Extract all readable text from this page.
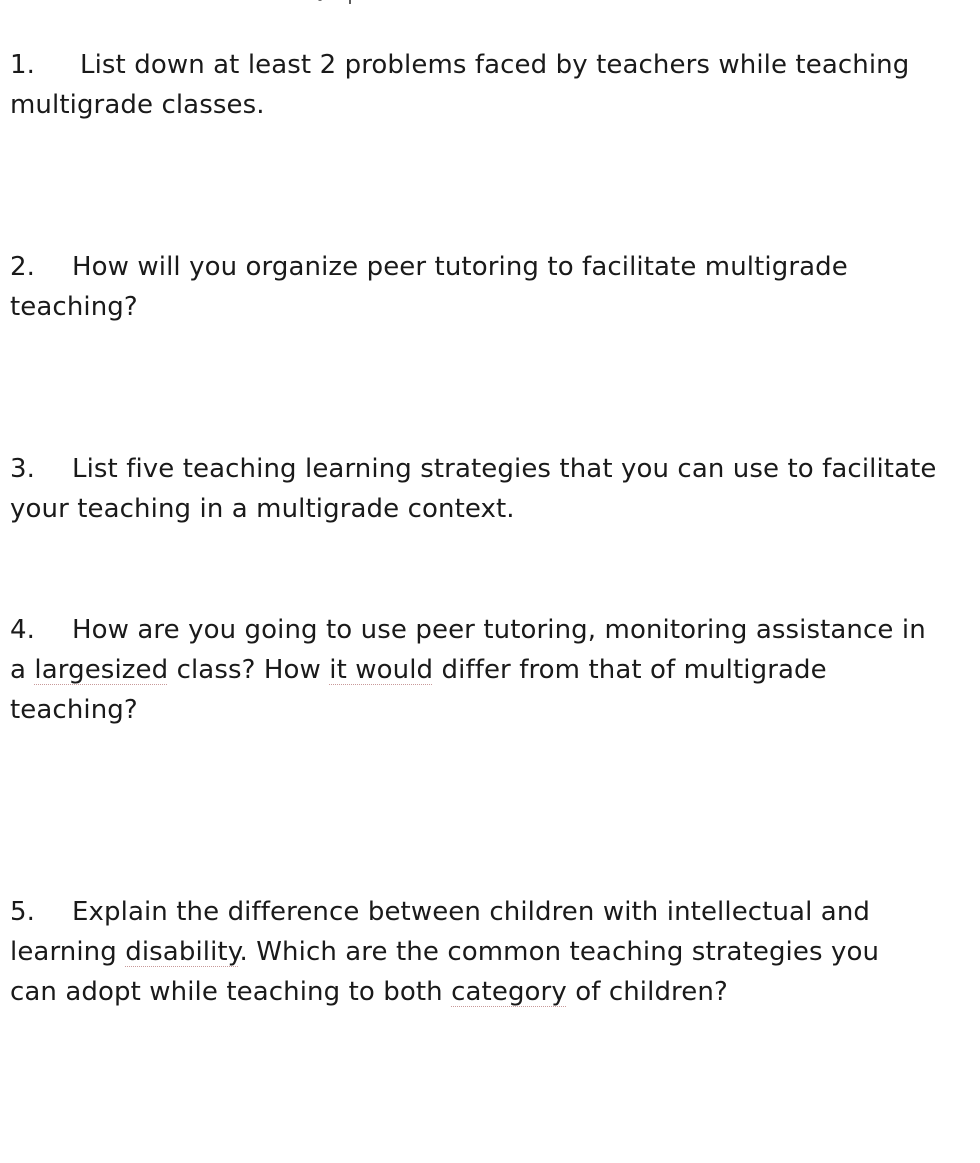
1. List down at least 2 problems faced by teachers while teaching
multigrade classes.
2. How will you organize peer tutoring to facilitate multigrade
teaching?
3. List five teaching learning strategies that you can use to facilitate
your teaching in a multigrade context.
4. How are you going to use peer tutoring, monitoring assistance in
a largesized class? How it would differ from that of multigrade
teaching?
5. Explain the difference between children with intellectual and
learning disability. Which are the common teaching strategies you
can adopt while teaching to both category of children?
